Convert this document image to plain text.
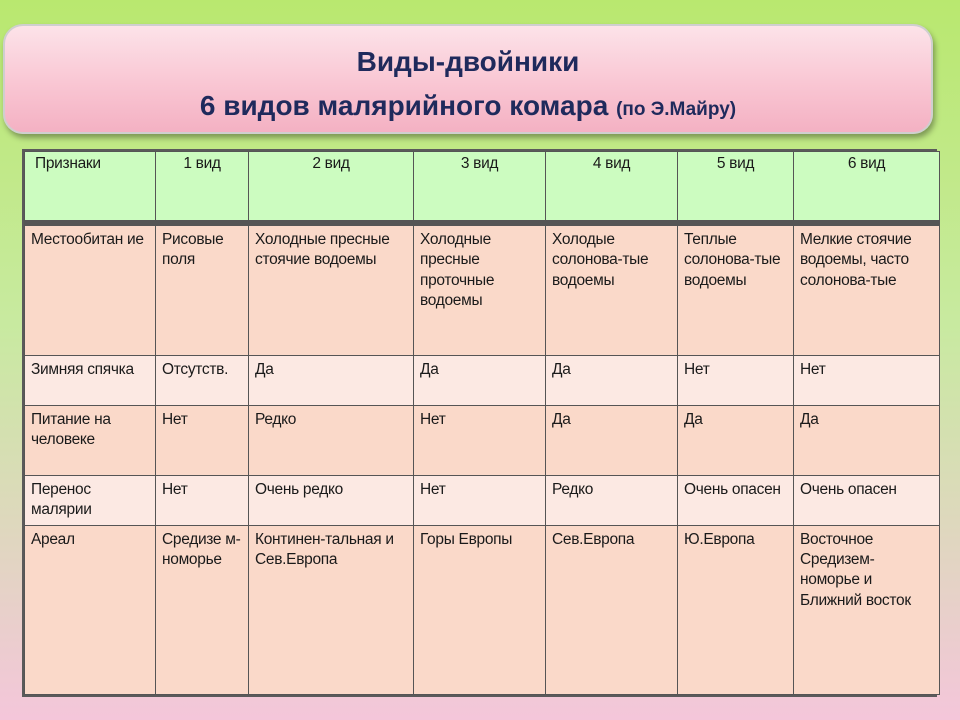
Виды-двойники
6 видов малярийного комара (по Э.Майру)
Признаки	1 вид	2 вид	3 вид	4 вид	5 вид	6 вид
Местообитан ие	Рисовые поля	Холодные пресные стоячие водоемы	Холодные пресные проточные водоемы	Холодые солонова-тые водоемы	Теплые солонова-тые водоемы	Мелкие стоячие водоемы, часто солонова-тые
Зимняя спячка	Отсутств.	Да	Да	Да	Нет	Нет
Питание на человеке	Нет	Редко	Нет	Да	Да	Да
Перенос малярии	Нет	Очень редко	Нет	Редко	Очень опасен	Очень опасен
Ареал	Средизе м-номорье	Континен-тальная и Сев.Европа	Горы Европы	Сев.Европа	Ю.Европа	Восточное Средизем-номорье и Ближний восток
